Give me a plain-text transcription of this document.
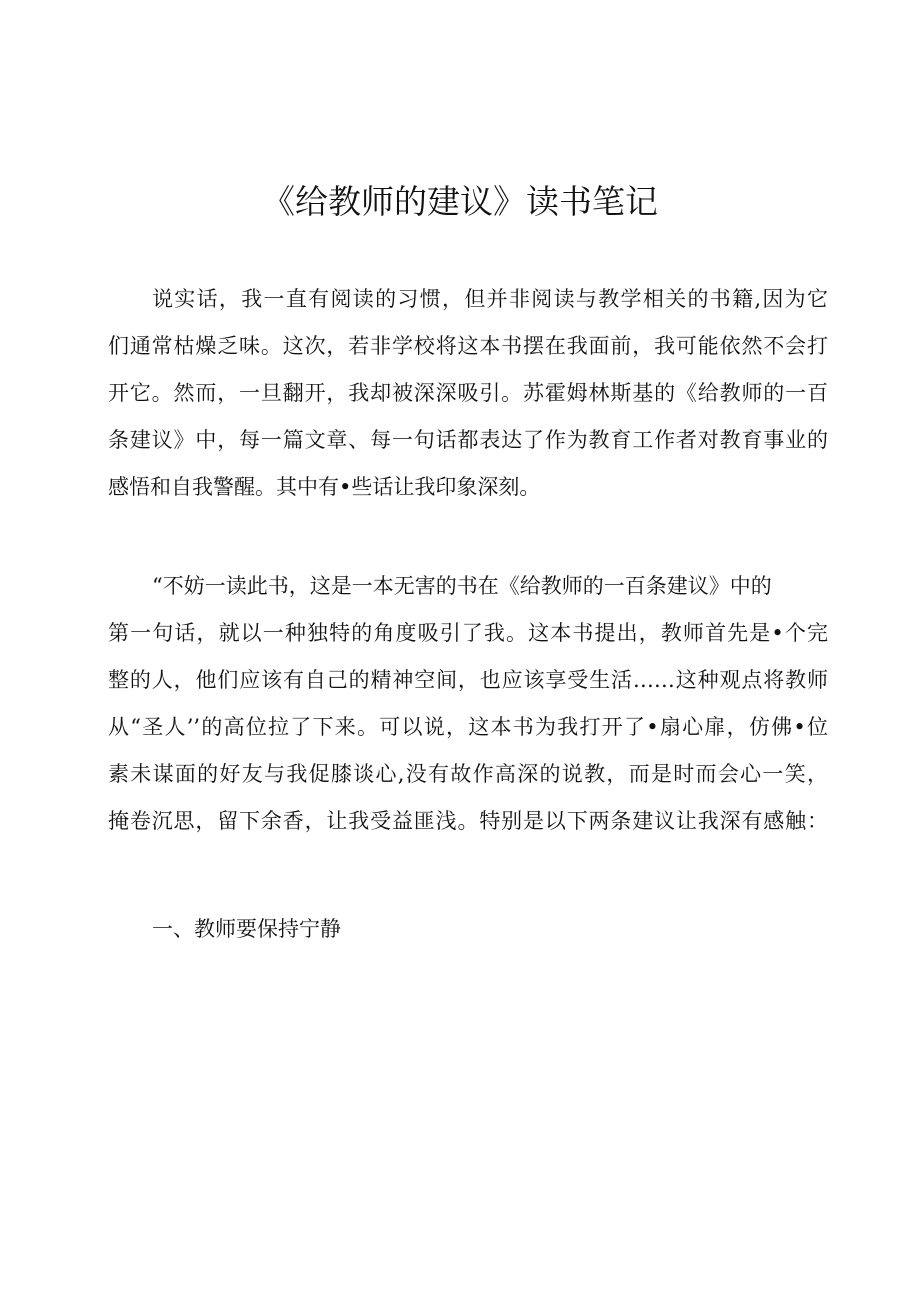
《给教师的建议》读书笔记
说实话，我一直有阅读的习惯，但并非阅读与教学相关的书籍,因为它
们通常枯燥乏味。这次，若非学校将这本书摆在我面前，我可能依然不会打
开它。然而，一旦翻开，我却被深深吸引。苏霍姆林斯基的《给教师的一百
条建议》中，每一篇文章、每一句话都表达了作为教育工作者对教育事业的
感悟和自我警醒。其中有•些话让我印象深刻。
“不妨一读此书，这是一本无害的书在《给教师的一百条建议》中的
第一句话，就以一种独特的角度吸引了我。这本书提出，教师首先是•个完
整的人，他们应该有自己的精神空间，也应该享受生活……这种观点将教师
从“圣人’’的高位拉了下来。可以说，这本书为我打开了•扇心扉，仿佛•位
素未谋面的好友与我促膝谈心,没有故作高深的说教，而是时而会心一笑，
掩卷沉思，留下余香，让我受益匪浅。特别是以下两条建议让我深有感触：
一、教师要保持宁静
